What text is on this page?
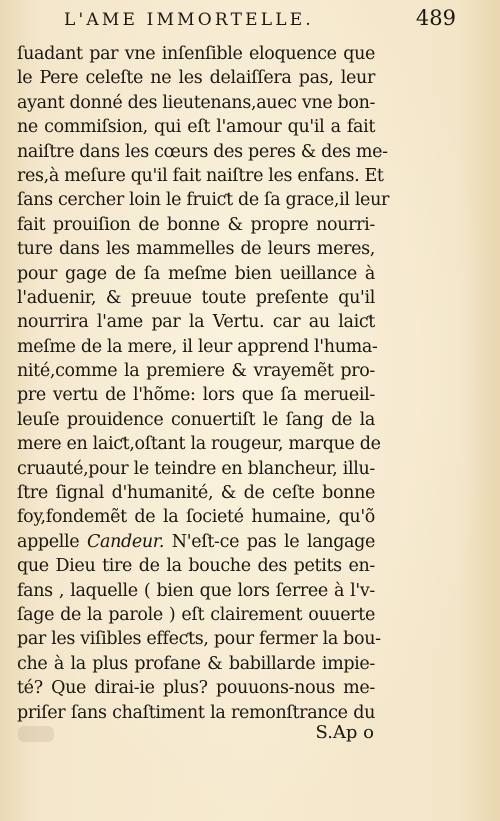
L'AME IMMORTELLE.	489
ſuadant par vne inſenſible eloquence que
le Pere celeſte ne les delaiſſera pas, leur
ayant donné des lieutenans,auec vne bon-
ne commiſsion, qui eſt l'amour qu'il a fait
naiſtre dans les cœurs des peres & des me-
res,à meſure qu'il fait naiſtre les enfans. Et
ſans cercher loin le fruiƈt de ſa grace,il leur
fait prouiſion de bonne & propre nourri-
ture dans les mammelles de leurs meres,
pour gage de ſa meſme bien ueillance à
l'aduenir, & preuue toute preſente qu'il
nourrira l'ame par la Vertu. car au laiƈt
meſme de la mere, il leur apprend l'huma-
nité,comme la premiere & vrayemẽt pro-
pre vertu de l'hõme: lors que ſa merueil-
leuſe prouidence conuertiſt le ſang de la
mere en laiƈt,oſtant la rougeur, marque de
cruauté,pour le teindre en blancheur, illu-
ſtre ſignal d'humanité, & de ceſte bonne
foy,fondemẽt de la ſocieté humaine, qu'õ
appelle Candeur. N'eſt-ce pas le langage
que Dieu tire de la bouche des petits en-
fans , laquelle ( bien que lors ſerree à l'v-
ſage de la parole ) eſt clairement ouuerte
par les viſibles effeƈts, pour fermer la bou-
che à la plus profane & babillarde impie-
té? Que dirai-ie plus? pouuons-nous me-
priſer ſans chaſtiment la remonſtrance du
S.Ap o
